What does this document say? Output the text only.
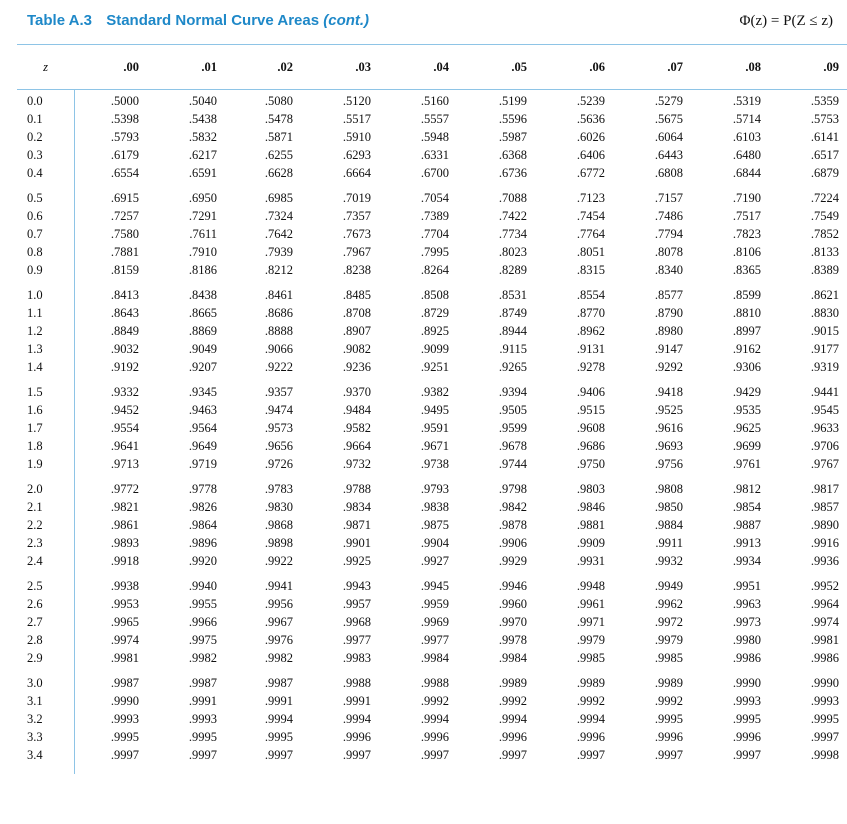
Table A.3 Standard Normal Curve Areas (cont.)	Φ(z) = P(Z ≤ z)
z	.00	.01	.02	.03	.04	.05	.06	.07	.08	.09
0.0	.5000	.5040	.5080	.5120	.5160	.5199	.5239	.5279	.5319	.5359
0.1	.5398	.5438	.5478	.5517	.5557	.5596	.5636	.5675	.5714	.5753
0.2	.5793	.5832	.5871	.5910	.5948	.5987	.6026	.6064	.6103	.6141
0.3	.6179	.6217	.6255	.6293	.6331	.6368	.6406	.6443	.6480	.6517
0.4	.6554	.6591	.6628	.6664	.6700	.6736	.6772	.6808	.6844	.6879
0.5	.6915	.6950	.6985	.7019	.7054	.7088	.7123	.7157	.7190	.7224
0.6	.7257	.7291	.7324	.7357	.7389	.7422	.7454	.7486	.7517	.7549
0.7	.7580	.7611	.7642	.7673	.7704	.7734	.7764	.7794	.7823	.7852
0.8	.7881	.7910	.7939	.7967	.7995	.8023	.8051	.8078	.8106	.8133
0.9	.8159	.8186	.8212	.8238	.8264	.8289	.8315	.8340	.8365	.8389
1.0	.8413	.8438	.8461	.8485	.8508	.8531	.8554	.8577	.8599	.8621
1.1	.8643	.8665	.8686	.8708	.8729	.8749	.8770	.8790	.8810	.8830
1.2	.8849	.8869	.8888	.8907	.8925	.8944	.8962	.8980	.8997	.9015
1.3	.9032	.9049	.9066	.9082	.9099	.9115	.9131	.9147	.9162	.9177
1.4	.9192	.9207	.9222	.9236	.9251	.9265	.9278	.9292	.9306	.9319
1.5	.9332	.9345	.9357	.9370	.9382	.9394	.9406	.9418	.9429	.9441
1.6	.9452	.9463	.9474	.9484	.9495	.9505	.9515	.9525	.9535	.9545
1.7	.9554	.9564	.9573	.9582	.9591	.9599	.9608	.9616	.9625	.9633
1.8	.9641	.9649	.9656	.9664	.9671	.9678	.9686	.9693	.9699	.9706
1.9	.9713	.9719	.9726	.9732	.9738	.9744	.9750	.9756	.9761	.9767
2.0	.9772	.9778	.9783	.9788	.9793	.9798	.9803	.9808	.9812	.9817
2.1	.9821	.9826	.9830	.9834	.9838	.9842	.9846	.9850	.9854	.9857
2.2	.9861	.9864	.9868	.9871	.9875	.9878	.9881	.9884	.9887	.9890
2.3	.9893	.9896	.9898	.9901	.9904	.9906	.9909	.9911	.9913	.9916
2.4	.9918	.9920	.9922	.9925	.9927	.9929	.9931	.9932	.9934	.9936
2.5	.9938	.9940	.9941	.9943	.9945	.9946	.9948	.9949	.9951	.9952
2.6	.9953	.9955	.9956	.9957	.9959	.9960	.9961	.9962	.9963	.9964
2.7	.9965	.9966	.9967	.9968	.9969	.9970	.9971	.9972	.9973	.9974
2.8	.9974	.9975	.9976	.9977	.9977	.9978	.9979	.9979	.9980	.9981
2.9	.9981	.9982	.9982	.9983	.9984	.9984	.9985	.9985	.9986	.9986
3.0	.9987	.9987	.9987	.9988	.9988	.9989	.9989	.9989	.9990	.9990
3.1	.9990	.9991	.9991	.9991	.9992	.9992	.9992	.9992	.9993	.9993
3.2	.9993	.9993	.9994	.9994	.9994	.9994	.9994	.9995	.9995	.9995
3.3	.9995	.9995	.9995	.9996	.9996	.9996	.9996	.9996	.9996	.9997
3.4	.9997	.9997	.9997	.9997	.9997	.9997	.9997	.9997	.9997	.9998
